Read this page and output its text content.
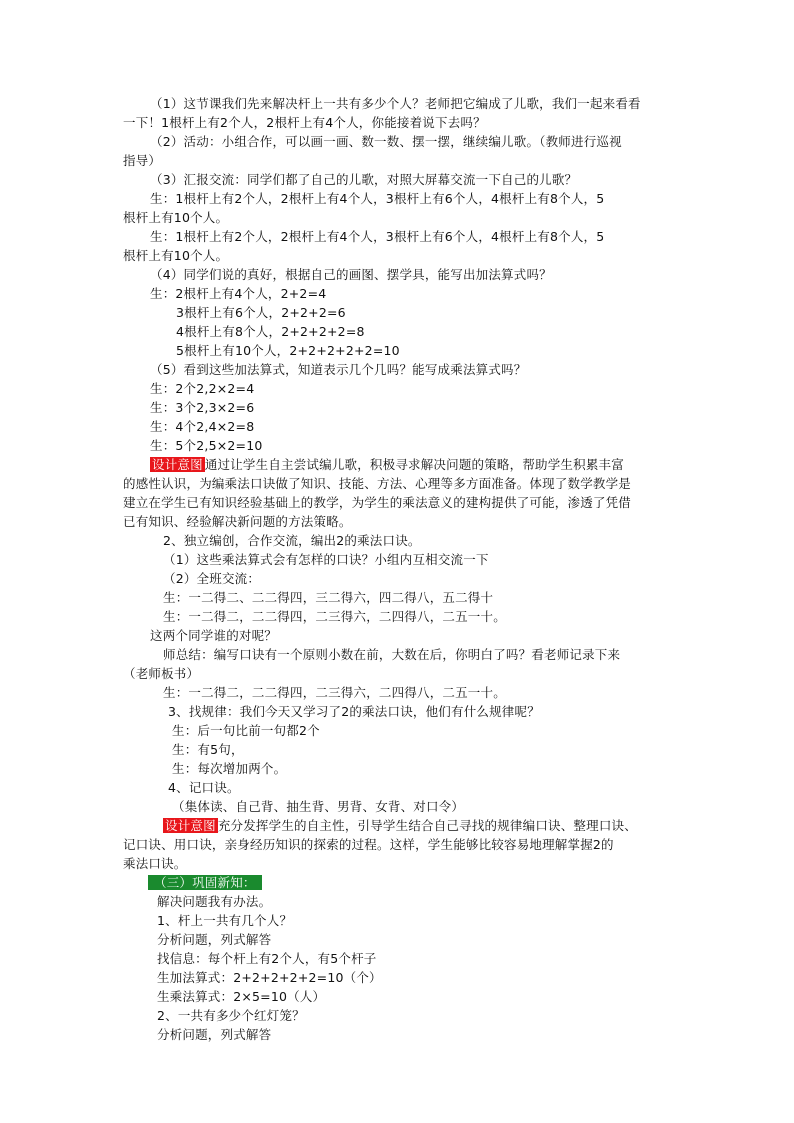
（1）这节课我们先来解决杆上一共有多少个人？老师把它编成了儿歌，我们一起来看看
一下！1根杆上有2个人，2根杆上有4个人，你能接着说下去吗？
（2）活动：小组合作，可以画一画、数一数、摆一摆，继续编儿歌。（教师进行巡视
指导）
（3）汇报交流：同学们都了自己的儿歌，对照大屏幕交流一下自己的儿歌？
生：1根杆上有2个人，2根杆上有4个人，3根杆上有6个人，4根杆上有8个人，5
根杆上有10个人。
生：1根杆上有2个人，2根杆上有4个人，3根杆上有6个人，4根杆上有8个人，5
根杆上有10个人。
（4）同学们说的真好，根据自己的画图、摆学具，能写出加法算式吗？
生：2根杆上有4个人，2+2=4
3根杆上有6个人，2+2+2=6
4根杆上有8个人，2+2+2+2=8
5根杆上有10个人，2+2+2+2+2=10
（5）看到这些加法算式，知道表示几个几吗？能写成乘法算式吗？
生：2个2,2×2=4
生：3个2,3×2=6
生：4个2,4×2=8
生：5个2,5×2=10
设计意图 通过让学生自主尝试编儿歌，积极寻求解决问题的策略，帮助学生积累丰富
的感性认识，为编乘法口诀做了知识、技能、方法、心理等多方面准备。体现了数学教学是
建立在学生已有知识经验基础上的教学，为学生的乘法意义的建构提供了可能，渗透了凭借
已有知识、经验解决新问题的方法策略。
2、独立编创，合作交流，编出2的乘法口诀。
（1）这些乘法算式会有怎样的口诀？小组内互相交流一下
（2）全班交流：
生：一二得二、二二得四，三二得六，四二得八，五二得十
生：一二得二，二二得四，二三得六，二四得八，二五一十。
这两个同学谁的对呢？
师总结：编写口诀有一个原则小数在前，大数在后，你明白了吗？看老师记录下来
（老师板书）
生：一二得二，二二得四，二三得六，二四得八，二五一十。
3、找规律：我们今天又学习了2的乘法口诀，他们有什么规律呢？
生：后一句比前一句都2个
生：有5句，
生：每次增加两个。
4、记口诀。
（集体读、自己背、抽生背、男背、女背、对口令）
设计意图 充分发挥学生的自主性，引导学生结合自己寻找的规律编口诀、整理口诀、
记口诀、用口诀，亲身经历知识的探索的过程。这样，学生能够比较容易地理解掌握2的
乘法口诀。
（三）巩固新知：
解决问题我有办法。
1、杆上一共有几个人？
分析问题，列式解答
找信息：每个杆上有2个人，有5个杆子
生加法算式：2+2+2+2+2=10（个）
生乘法算式：2×5=10（人）
2、一共有多少个红灯笼？
分析问题，列式解答
